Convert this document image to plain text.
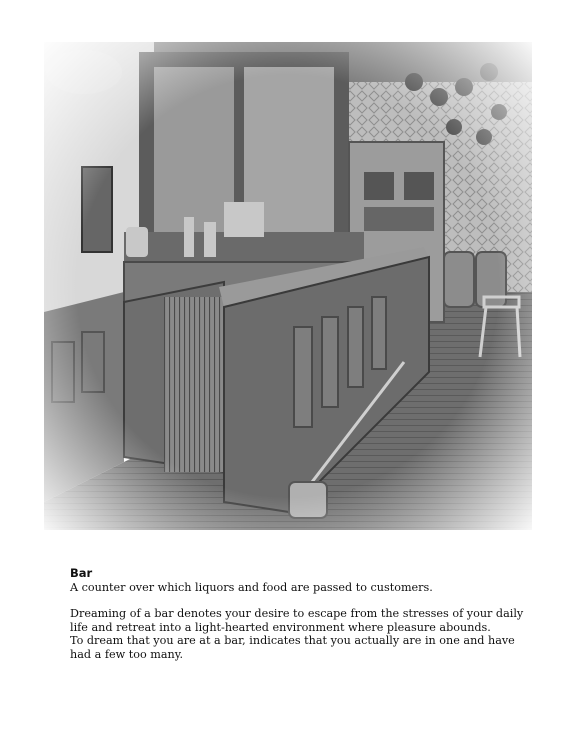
Bar
A counter over which liquors and food are passed to customers.
Dreaming of a bar denotes your desire to escape from the stresses of your daily
life and retreat into a light-hearted environment where pleasure abounds.
To dream that you are at a bar, indicates that you actually are in one and have
had a few too many.
